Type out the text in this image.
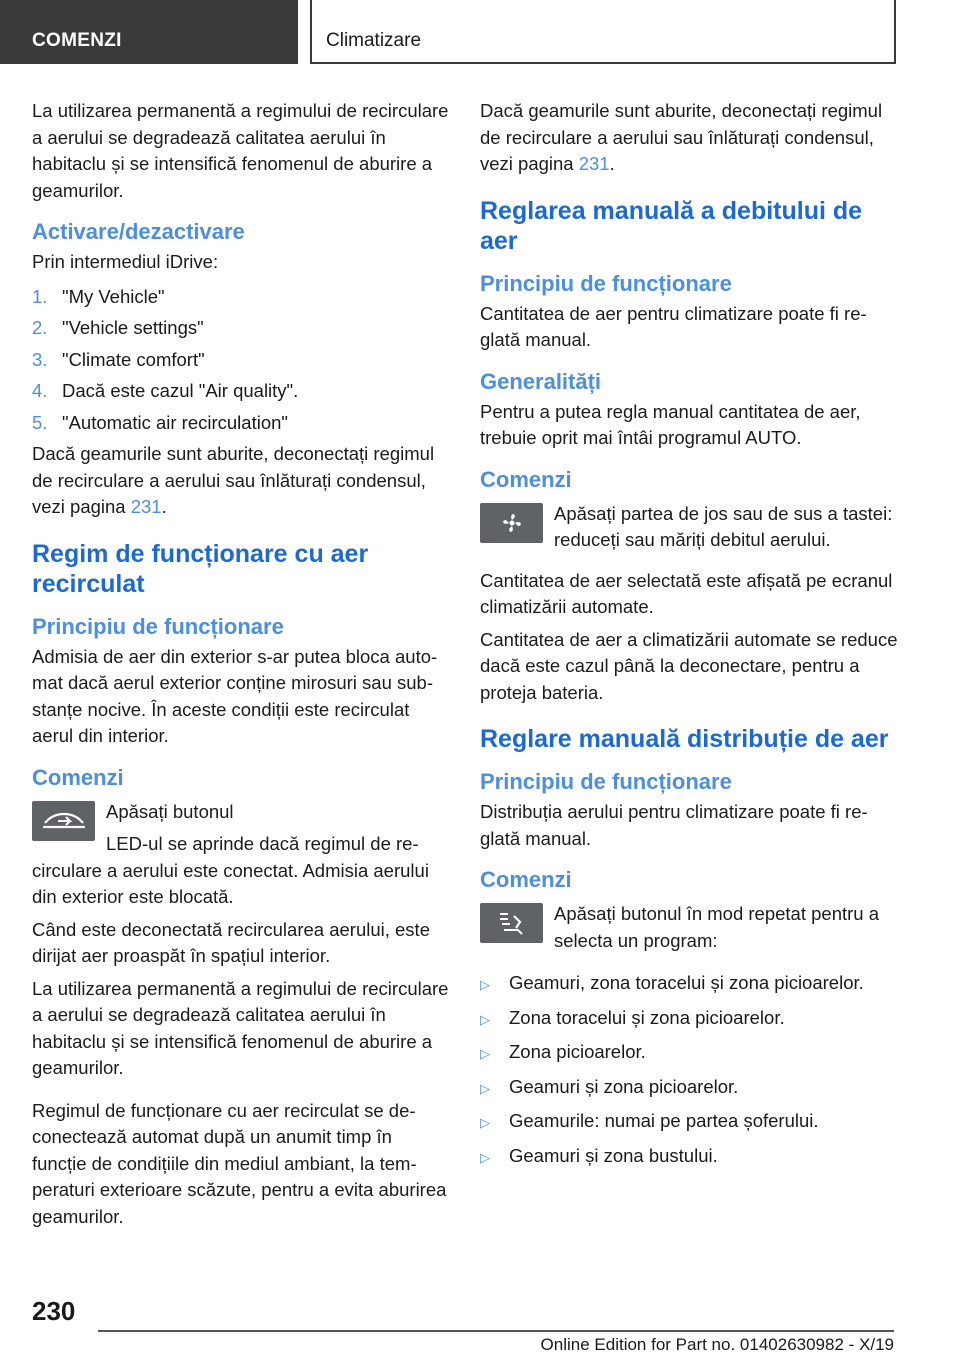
COMENZI	Climatizare

La utilizarea permanentă a regimului de recirculare a aerului se degradează calitatea aerului în habitaclu și se intensifică fenomenul de aburire a geamurilor.

Activare/dezactivare

Prin intermediul iDrive:

1. "My Vehicle"
2. "Vehicle settings"
3. "Climate comfort"
4. Dacă este cazul "Air quality".
5. "Automatic air recirculation"

Dacă geamurile sunt aburite, deconectați regimul de recirculare a aerului sau înlăturați condensul, vezi pagina 231.

Regim de funcționare cu aer recirculat
Principiu de funcționare

Admisia de aer din exterior s-ar putea bloca automat dacă aerul exterior conține mirosuri sau substanțe nocive. În aceste condiții este recirculat aerul din interior.

Comenzi

Apăsați butonul

LED-ul se aprinde dacă regimul de recirculare a aerului este conectat. Admisia aerului din exterior este blocată.

Când este deconectată recircularea aerului, este dirijat aer proaspăt în spațiul interior.

La utilizarea permanentă a regimului de recirculare a aerului se degradează calitatea aerului în habitaclu și se intensifică fenomenul de aburire a geamurilor.

Regimul de funcționare cu aer recirculat se deconectează automat după un anumit timp în funcție de condițiile din mediul ambiant, la temperaturi exterioare scăzute, pentru a evita aburirea geamurilor.

Dacă geamurile sunt aburite, deconectați regimul de recirculare a aerului sau înlăturați condensul, vezi pagina 231.

Reglarea manuală a debitului de aer
Principiu de funcționare

Cantitatea de aer pentru climatizare poate fi reglată manual.

Generalități

Pentru a putea regla manual cantitatea de aer, trebuie oprit mai întâi programul AUTO.

Comenzi

Apăsați partea de jos sau de sus a tastei: reduceți sau măriți debitul aerului.

Cantitatea de aer selectată este afișată pe ecranul climatizării automate.

Cantitatea de aer a climatizării automate se reduce dacă este cazul până la deconectare, pentru a proteja bateria.

Reglare manuală distribuție de aer
Principiu de funcționare

Distribuția aerului pentru climatizare poate fi reglată manual.

Comenzi

Apăsați butonul în mod repetat pentru a selecta un program:

▷	Geamuri, zona toracelui și zona picioarelor.
▷	Zona toracelui și zona picioarelor.
▷	Zona picioarelor.
▷	Geamuri și zona picioarelor.
▷	Geamurile: numai pe partea șoferului.
▷	Geamuri și zona bustului.
230
Online Edition for Part no. 01402630982 - X/19
